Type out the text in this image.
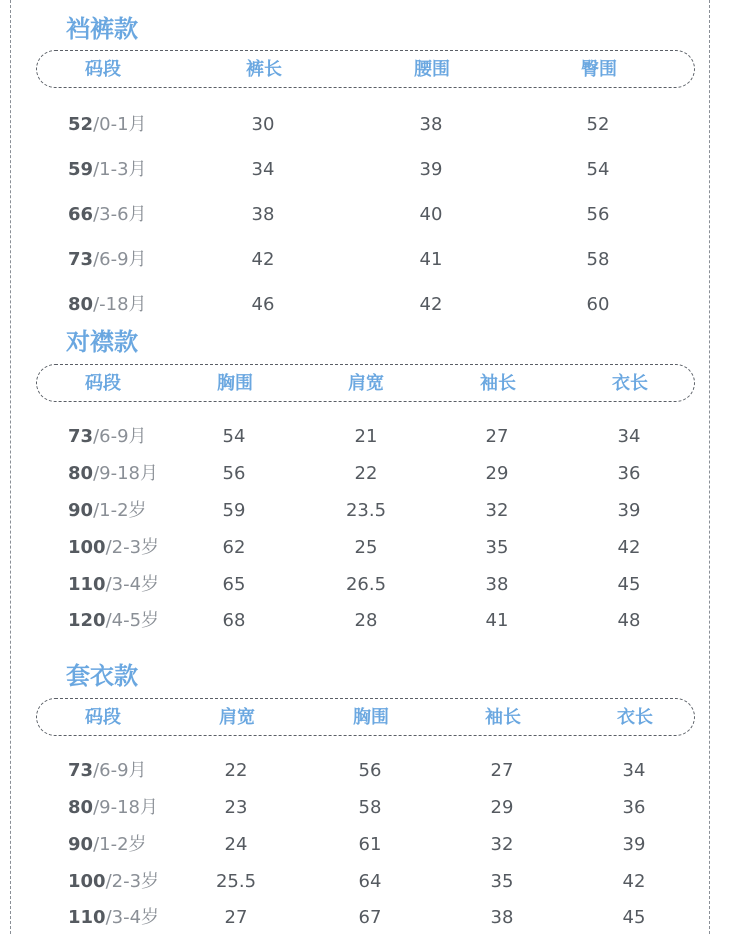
裆裤款
码段	裤长	腰围	臀围
52/0-1月	30	38	52
59/1-3月	34	39	54
66/3-6月	38	40	56
73/6-9月	42	41	58
80/-18月	46	42	60
对襟款
码段	胸围	肩宽	袖长	衣长
73/6-9月	54	21	27	34
80/9-18月	56	22	29	36
90/1-2岁	59	23.5	32	39
100/2-3岁	62	25	35	42
110/3-4岁	65	26.5	38	45
120/4-5岁	68	28	41	48
套衣款
码段	肩宽	胸围	袖长	衣长
73/6-9月	22	56	27	34
80/9-18月	23	58	29	36
90/1-2岁	24	61	32	39
100/2-3岁	25.5	64	35	42
110/3-4岁	27	67	38	45
